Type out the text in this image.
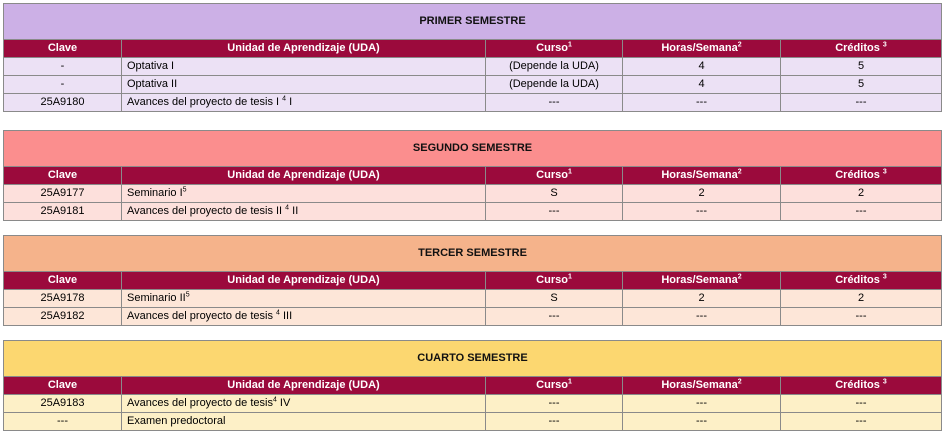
PRIMER SEMESTRE				
Clave	Unidad de Aprendizaje (UDA)	Curso$^1$	Horas/Semana$^2$	Créditos $^3$
-	Optativa I	(Depende la UDA)	4	5
-	Optativa II	(Depende la UDA)	4	5
25A9180	Avances del proyecto de tesis I $^4$ I	---	---	---
SEGUNDO SEMESTRE				
Clave	Unidad de Aprendizaje (UDA)	Curso$^1$	Horas/Semana$^2$	Créditos $^3$
25A9177	Seminario $I^5$	S	2	2
25A9181	Avances del proyecto de tesis II $^4$ II	---	---	---
TERCER SEMESTRE				
Clave	Unidad de Aprendizaje (UDA)	Curso$^1$	Horas/Semana$^2$	Créditos $^3$
25A9178	Seminario $II^5$	S	2	2
25A9182	Avances del proyecto de tesis $^4$ III	---	---	---
CUARTO SEMESTRE				
Clave	Unidad de Aprendizaje (UDA)	Curso$^1$	Horas/Semana$^2$	Créditos $^3$
25A9183	Avances del proyecto de tesis$^4$ IV	---	---	---
---	Examen predoctoral	---	---	---
